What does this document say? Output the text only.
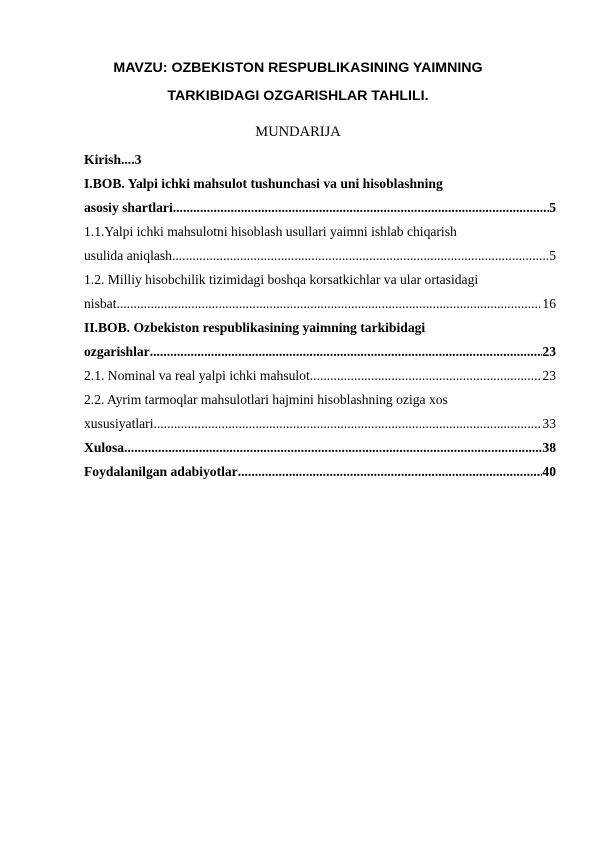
MAVZU: OZBEKISTON RESPUBLIKASINING YAIMNING
TARKIBIDAGI OZGARISHLAR TAHLILI.
MUNDARIJA
Kirish....3
I.BOB. Yalpi ichki mahsulot tushunchasi va uni hisoblashning
asosiy shartlari .....	5
1.1.Yalpi ichki mahsulotni hisoblash usullari yaimni ishlab chiqarish
usulida aniqlash .....	5
1.2. Milliy hisobchilik tizimidagi boshqa korsatkichlar va ular ortasidagi
nisbat .....	16
II.BOB. Ozbekiston respublikasining yaimning tarkibidagi
ozgarishlar .....	23
2.1. Nominal va real yalpi ichki mahsulot .....	23
2.2. Ayrim tarmoqlar mahsulotlari hajmini hisoblashning oziga xos
xususiyatlari .....	33
Xulosa .....	38
Foydalanilgan adabiyotlar .....	40
